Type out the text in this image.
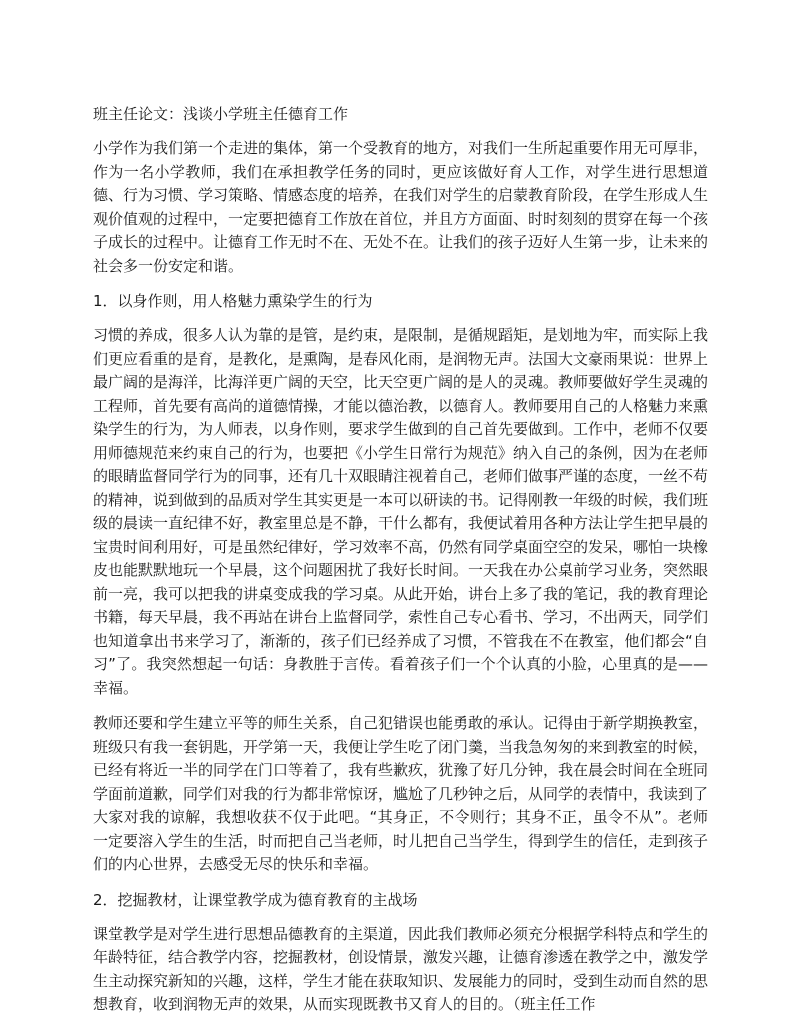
班主任论文：浅谈小学班主任德育工作

小学作为我们第一个走进的集体，第一个受教育的地方，对我们一生所起重要作用无可厚非，作为一名小学教师，我们在承担教学任务的同时，更应该做好育人工作，对学生进行思想道德、行为习惯、学习策略、情感态度的培养，在我们对学生的启蒙教育阶段，在学生形成人生观价值观的过程中，一定要把德育工作放在首位，并且方方面面、时时刻刻的贯穿在每一个孩子成长的过程中。让德育工作无时不在、无处不在。让我们的孩子迈好人生第一步，让未来的社会多一份安定和谐。

1．以身作则，用人格魅力熏染学生的行为

习惯的养成，很多人认为靠的是管，是约束，是限制，是循规蹈矩，是划地为牢，而实际上我们更应看重的是育，是教化，是熏陶，是春风化雨，是润物无声。法国大文豪雨果说：世界上最广阔的是海洋，比海洋更广阔的天空，比天空更广阔的是人的灵魂。教师要做好学生灵魂的工程师，首先要有高尚的道德情操，才能以德治教，以德育人。教师要用自己的人格魅力来熏染学生的行为，为人师表，以身作则，要求学生做到的自己首先要做到。工作中，老师不仅要用师德规范来约束自己的行为，也要把《小学生日常行为规范》纳入自己的条例，因为在老师的眼睛监督同学行为的同事，还有几十双眼睛注视着自己，老师们做事严谨的态度，一丝不苟的精神，说到做到的品质对学生其实更是一本可以研读的书。记得刚教一年级的时候，我们班级的晨读一直纪律不好，教室里总是不静，干什么都有，我便试着用各种方法让学生把早晨的宝贵时间利用好，可是虽然纪律好，学习效率不高，仍然有同学桌面空空的发呆，哪怕一块橡皮也能默默地玩一个早晨，这个问题困扰了我好长时间。一天我在办公桌前学习业务，突然眼前一亮，我可以把我的讲桌变成我的学习桌。从此开始，讲台上多了我的笔记，我的教育理论书籍，每天早晨，我不再站在讲台上监督同学，索性自己专心看书、学习，不出两天，同学们也知道拿出书来学习了，渐渐的，孩子们已经养成了习惯，不管我在不在教室，他们都会“自习”了。我突然想起一句话：身教胜于言传。看着孩子们一个个认真的小脸，心里真的是——幸福。

教师还要和学生建立平等的师生关系，自己犯错误也能勇敢的承认。记得由于新学期换教室，班级只有我一套钥匙，开学第一天，我便让学生吃了闭门羹，当我急匆匆的来到教室的时候，已经有将近一半的同学在门口等着了，我有些歉疚，犹豫了好几分钟，我在晨会时间在全班同学面前道歉，同学们对我的行为都非常惊讶，尴尬了几秒钟之后，从同学的表情中，我读到了大家对我的谅解，我想收获不仅于此吧。“其身正，不令则行；其身不正，虽令不从”。老师一定要溶入学生的生活，时而把自己当老师，时儿把自己当学生，得到学生的信任，走到孩子们的内心世界，去感受无尽的快乐和幸福。

2．挖掘教材，让课堂教学成为德育教育的主战场

课堂教学是对学生进行思想品德教育的主渠道，因此我们教师必须充分根据学科特点和学生的年龄特征，结合教学内容，挖掘教材，创设情景，激发兴趣，让德育渗透在教学之中，激发学生主动探究新知的兴趣，这样，学生才能在获取知识、发展能力的同时，受到生动而自然的思想教育，收到润物无声的效果，从而实现既教书又育人的目的。（班主任工作
